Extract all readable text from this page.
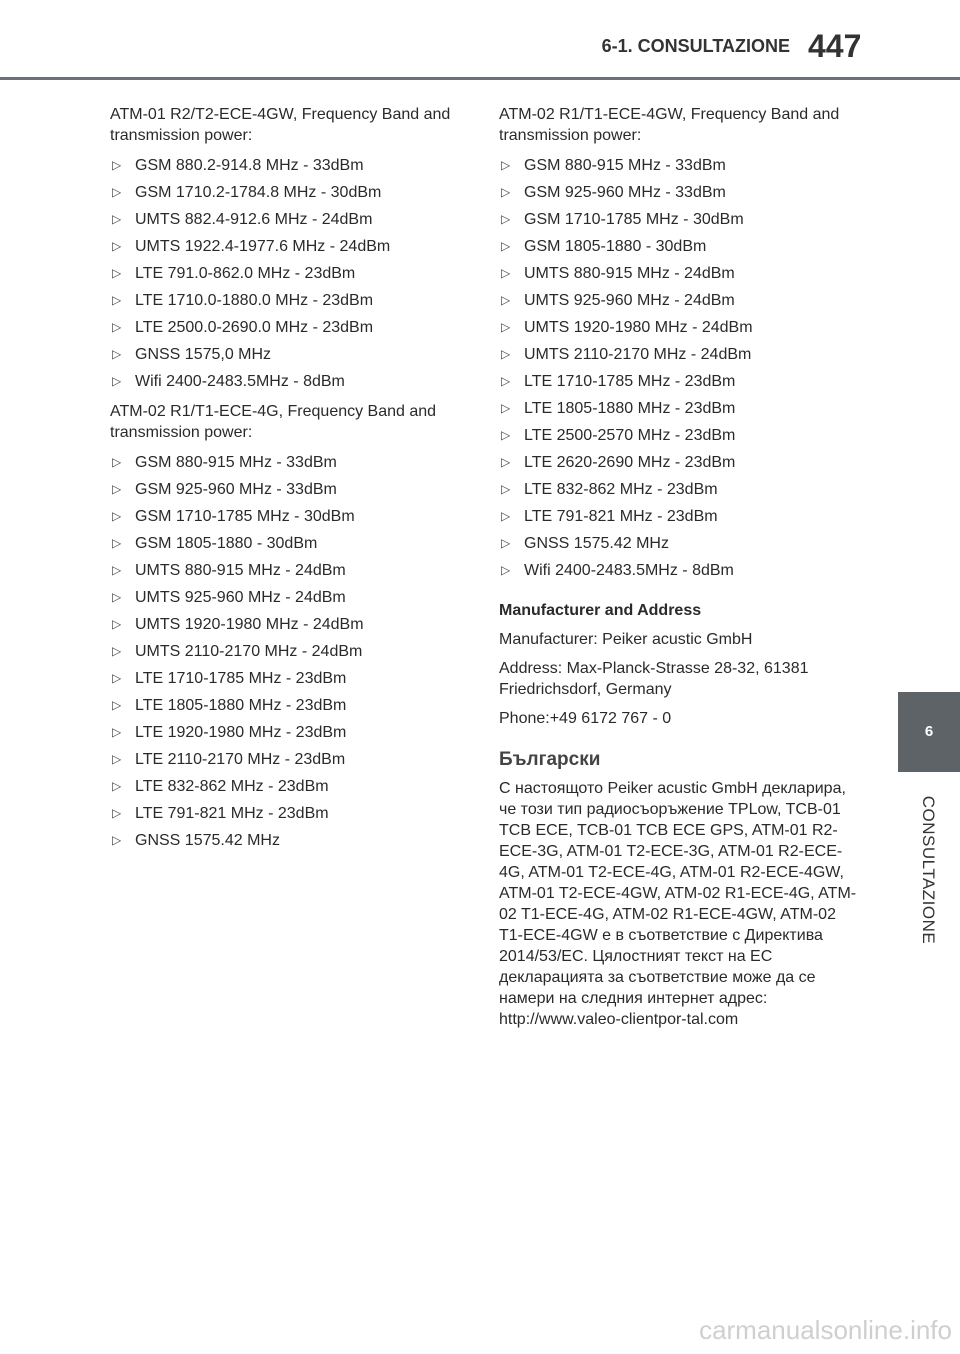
6-1. CONSULTAZIONE 447

ATM-01 R2/T2-ECE-4GW, Frequency Band and transmission power:

▷ GSM 880.2-914.8 MHz - 33dBm
▷ GSM 1710.2-1784.8 MHz - 30dBm
▷ UMTS 882.4-912.6 MHz - 24dBm
▷ UMTS 1922.4-1977.6 MHz - 24dBm
▷ LTE 791.0-862.0 MHz - 23dBm
▷ LTE 1710.0-1880.0 MHz - 23dBm
▷ LTE 2500.0-2690.0 MHz - 23dBm
▷ GNSS 1575,0 MHz
▷ Wifi 2400-2483.5MHz - 8dBm

ATM-02 R1/T1-ECE-4G, Frequency Band and transmission power:

▷ GSM 880-915 MHz - 33dBm
▷ GSM 925-960 MHz - 33dBm
▷ GSM 1710-1785 MHz - 30dBm
▷ GSM 1805-1880 - 30dBm
▷ UMTS 880-915 MHz - 24dBm
▷ UMTS 925-960 MHz - 24dBm
▷ UMTS 1920-1980 MHz - 24dBm
▷ UMTS 2110-2170 MHz - 24dBm
▷ LTE 1710-1785 MHz - 23dBm
▷ LTE 1805-1880 MHz - 23dBm
▷ LTE 1920-1980 MHz - 23dBm
▷ LTE 2110-2170 MHz - 23dBm
▷ LTE 832-862 MHz - 23dBm
▷ LTE 791-821 MHz - 23dBm
▷ GNSS 1575.42 MHz

ATM-02 R1/T1-ECE-4GW, Frequency Band and transmission power:

▷ GSM 880-915 MHz - 33dBm
▷ GSM 925-960 MHz - 33dBm
▷ GSM 1710-1785 MHz - 30dBm
▷ GSM 1805-1880 - 30dBm
▷ UMTS 880-915 MHz - 24dBm
▷ UMTS 925-960 MHz - 24dBm
▷ UMTS 1920-1980 MHz - 24dBm
▷ UMTS 2110-2170 MHz - 24dBm
▷ LTE 1710-1785 MHz - 23dBm
▷ LTE 1805-1880 MHz - 23dBm
▷ LTE 2500-2570 MHz - 23dBm
▷ LTE 2620-2690 MHz - 23dBm
▷ LTE 832-862 MHz - 23dBm
▷ LTE 791-821 MHz - 23dBm
▷ GNSS 1575.42 MHz
▷ Wifi 2400-2483.5MHz - 8dBm
Manufacturer and Address

Manufacturer: Peiker acustic GmbH

Address: Max-Planck-Strasse 28-32, 61381 Friedrichsdorf, Germany

Phone:+49 6172 767 - 0

Български

С настоящото Peiker acustic GmbH декларира, че този тип радиосъоръжение TPLow, TCB-01 TCB ECE, TCB-01 TCB ECE GPS, ATM-01 R2-ECE-3G, ATM-01 T2-ECE-3G, ATM-01 R2-ECE-4G, ATM-01 T2-ECE-4G, ATM-01 R2-ECE-4GW, ATM-01 T2-ECE-4GW, ATM-02 R1-ECE-4G, ATM-02 T1-ECE-4G, ATM-02 R1-ECE-4GW, ATM-02 T1-ECE-4GW е в съответствие с Директива 2014/53/ЕС. Цялостният текст на ЕС декларацията за съответствие може да се намери на следния интернет адрес: http://www.valeo-clientpor-tal.com

6
CONSULTAZIONE
carmanualsonline.info
